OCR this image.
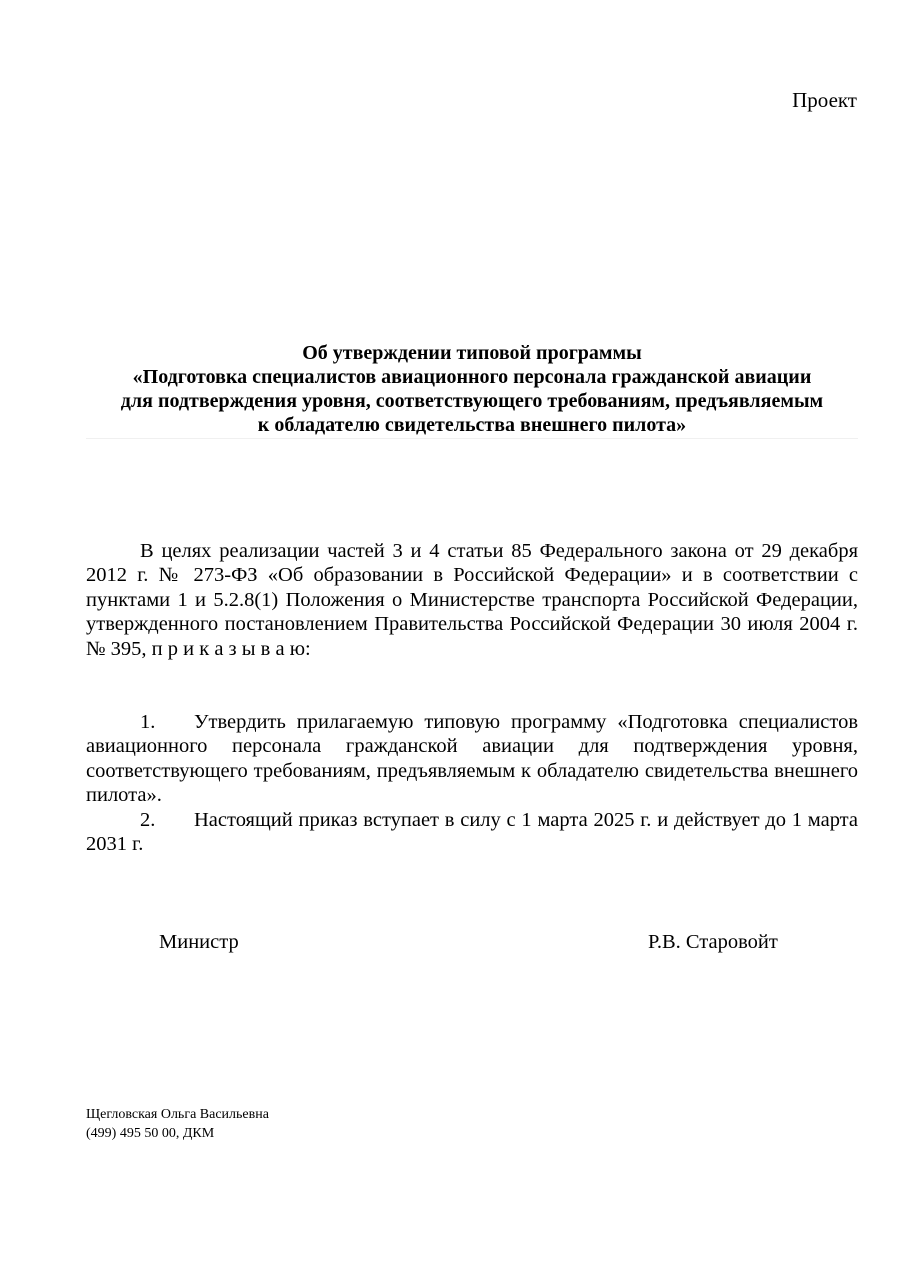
Проект
Об утверждении типовой программы
«Подготовка специалистов авиационного персонала гражданской авиации
для подтверждения уровня, соответствующего требованиям, предъявляемым
к обладателю свидетельства внешнего пилота»

В целях реализации частей 3 и 4 статьи 85 Федерального закона от 29 декабря 2012 г. № 273-ФЗ «Об образовании в Российской Федерации» и в соответствии с пунктами 1 и 5.2.8(1) Положения о Министерстве транспорта Российской Федерации, утвержденного постановлением Правительства Российской Федерации 30 июля 2004 г. № 395, п р и к а з ы в а ю:

1. Утвердить прилагаемую типовую программу «Подготовка специалистов авиационного персонала гражданской авиации для подтверждения уровня, соответствующего требованиям, предъявляемым к обладателю свидетельства внешнего пилота».
2. Настоящий приказ вступает в силу с 1 марта 2025 г. и действует до 1 марта 2031 г.
Министр	Р.В. Старовойт
Щегловская Ольга Васильевна
(499) 495 50 00, ДКМ
